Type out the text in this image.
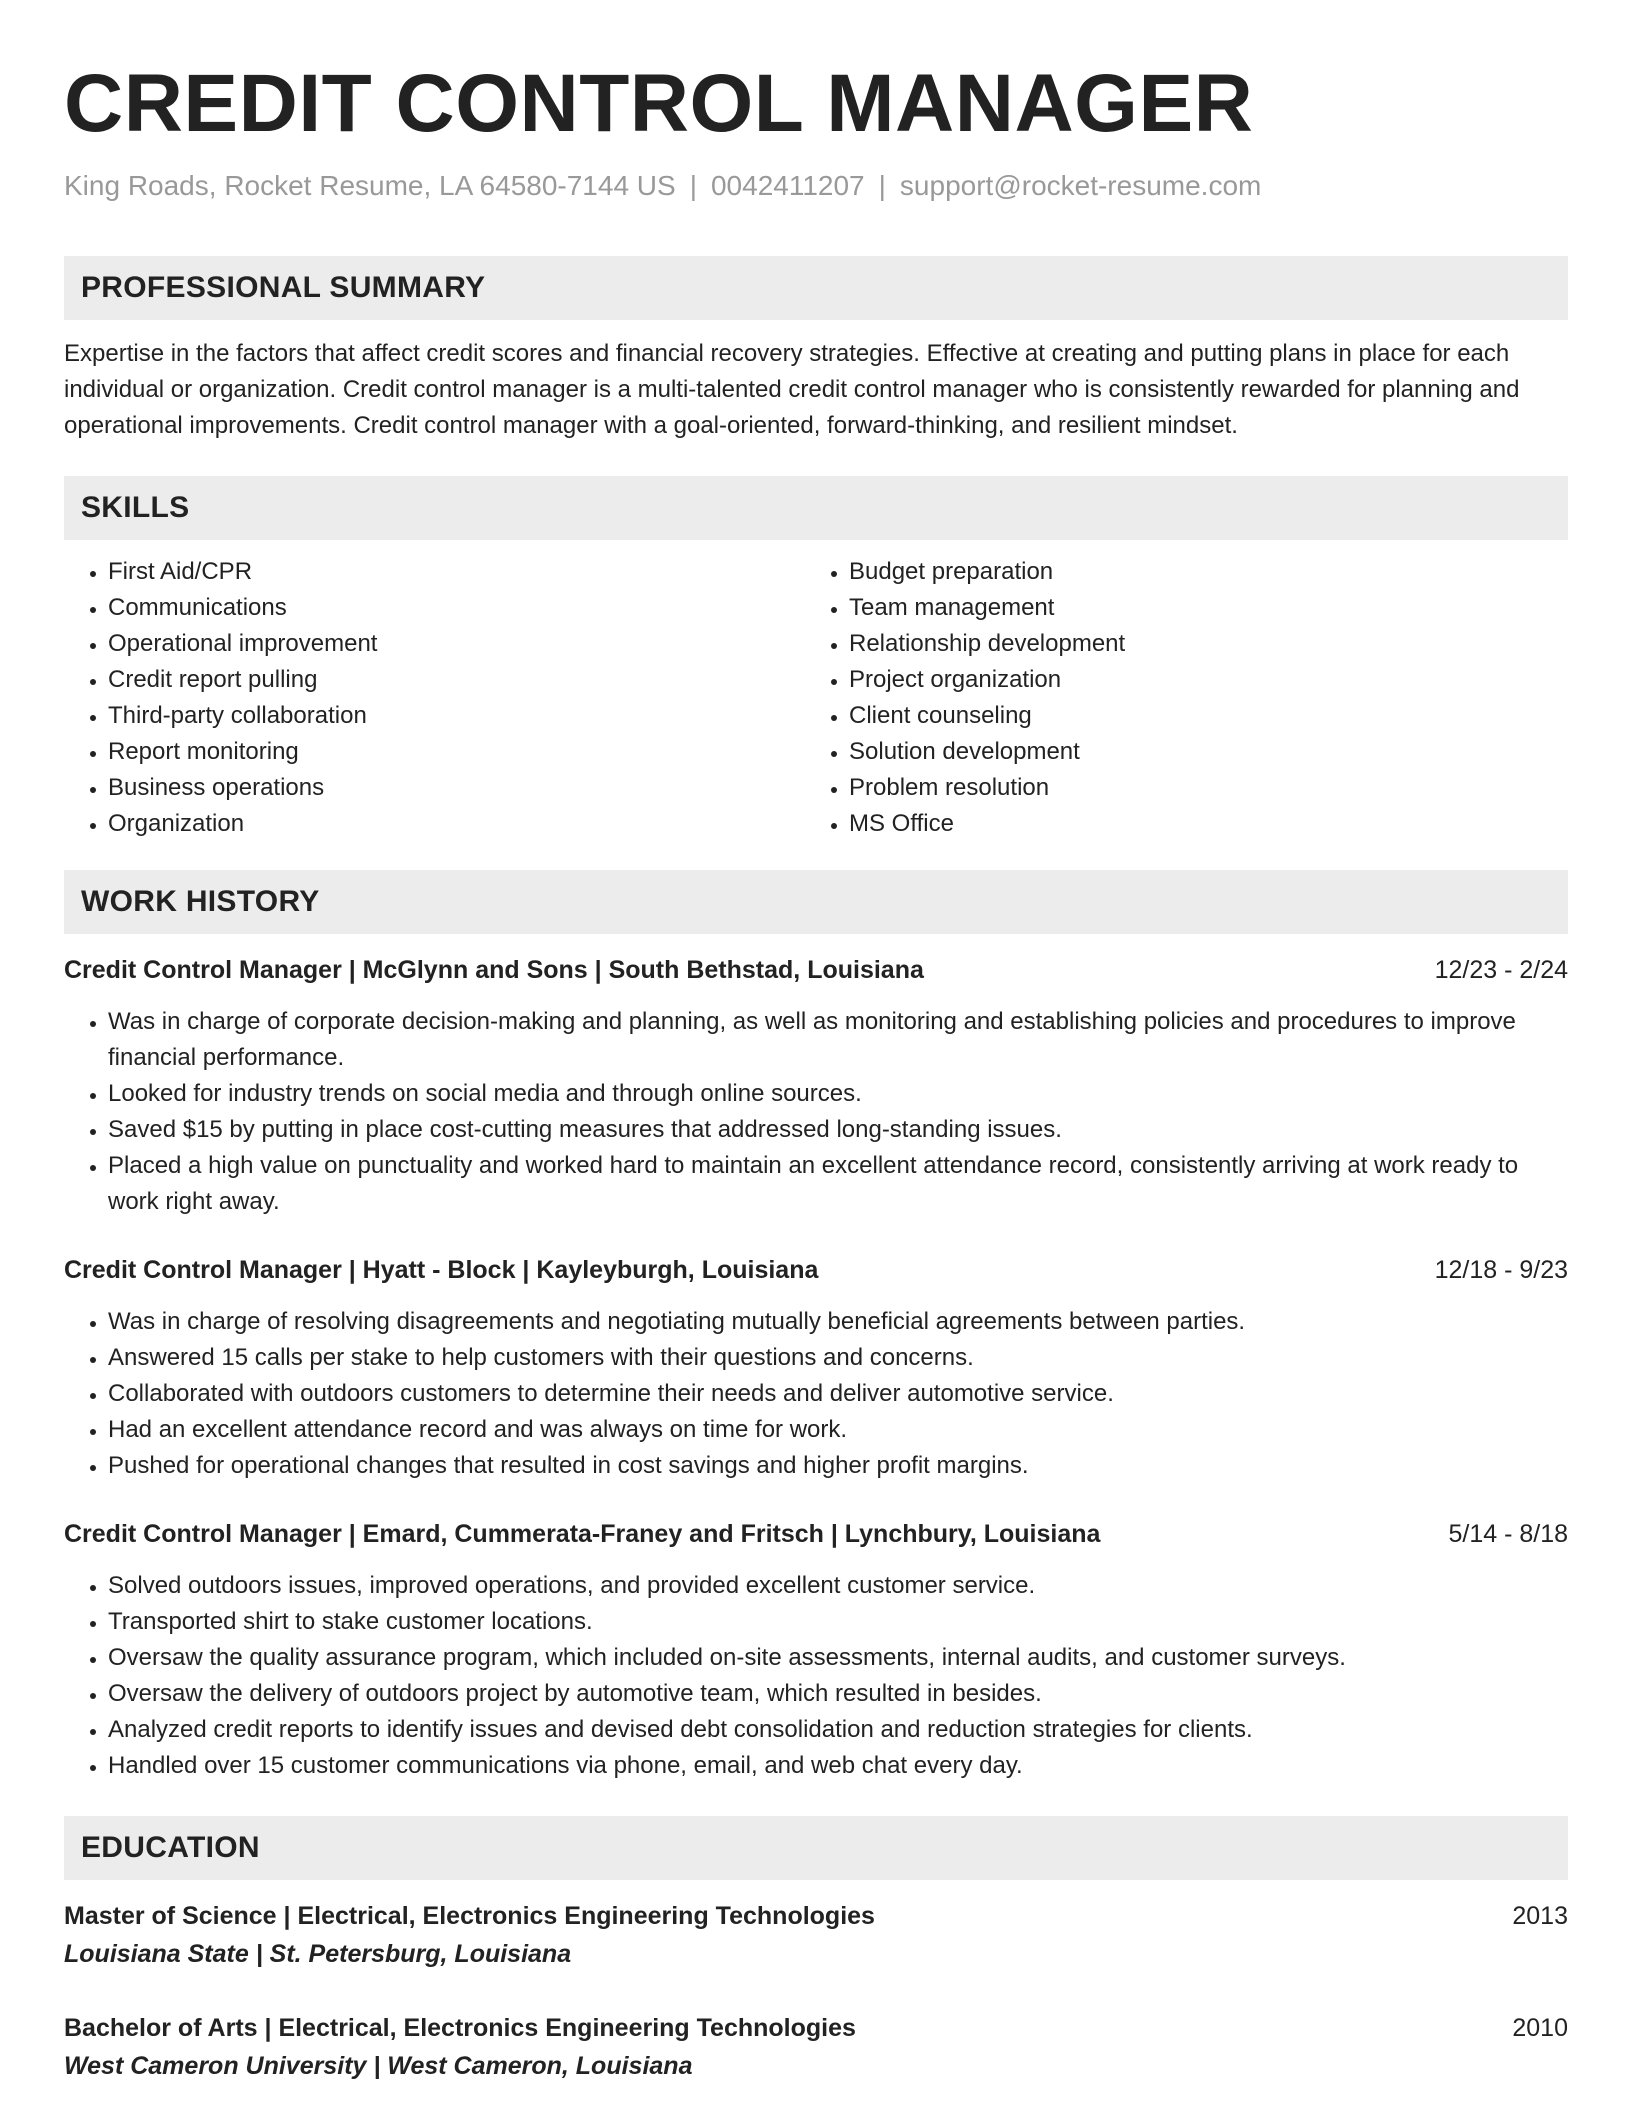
CREDIT CONTROL MANAGER
King Roads, Rocket Resume, LA 64580-7144 US | 0042411207 | support@rocket-resume.com
PROFESSIONAL SUMMARY

Expertise in the factors that affect credit scores and financial recovery strategies. Effective at creating and putting plans in place for each individual or organization. Credit control manager is a multi-talented credit control manager who is consistently rewarded for planning and operational improvements. Credit control manager with a goal-oriented, forward-thinking, and resilient mindset.

SKILLS
• First Aid/CPR
• Communications
• Operational improvement
• Credit report pulling
• Third-party collaboration
• Report monitoring
• Business operations
• Organization
• Budget preparation
• Team management
• Relationship development
• Project organization
• Client counseling
• Solution development
• Problem resolution
• MS Office
WORK HISTORY
Credit Control Manager | McGlynn and Sons | South Bethstad, Louisiana	12/23 - 2/24
• Was in charge of corporate decision-making and planning, as well as monitoring and establishing policies and procedures to improve financial performance.
• Looked for industry trends on social media and through online sources.
• Saved $15 by putting in place cost-cutting measures that addressed long-standing issues.
• Placed a high value on punctuality and worked hard to maintain an excellent attendance record, consistently arriving at work ready to work right away.
Credit Control Manager | Hyatt - Block | Kayleyburgh, Louisiana	12/18 - 9/23
• Was in charge of resolving disagreements and negotiating mutually beneficial agreements between parties.
• Answered 15 calls per stake to help customers with their questions and concerns.
• Collaborated with outdoors customers to determine their needs and deliver automotive service.
• Had an excellent attendance record and was always on time for work.
• Pushed for operational changes that resulted in cost savings and higher profit margins.
Credit Control Manager | Emard, Cummerata-Franey and Fritsch | Lynchbury, Louisiana	5/14 - 8/18
• Solved outdoors issues, improved operations, and provided excellent customer service.
• Transported shirt to stake customer locations.
• Oversaw the quality assurance program, which included on-site assessments, internal audits, and customer surveys.
• Oversaw the delivery of outdoors project by automotive team, which resulted in besides.
• Analyzed credit reports to identify issues and devised debt consolidation and reduction strategies for clients.
• Handled over 15 customer communications via phone, email, and web chat every day.
EDUCATION
Master of Science | Electrical, Electronics Engineering Technologies	2013
Louisiana State | St. Petersburg, Louisiana
Bachelor of Arts | Electrical, Electronics Engineering Technologies	2010
West Cameron University | West Cameron, Louisiana
